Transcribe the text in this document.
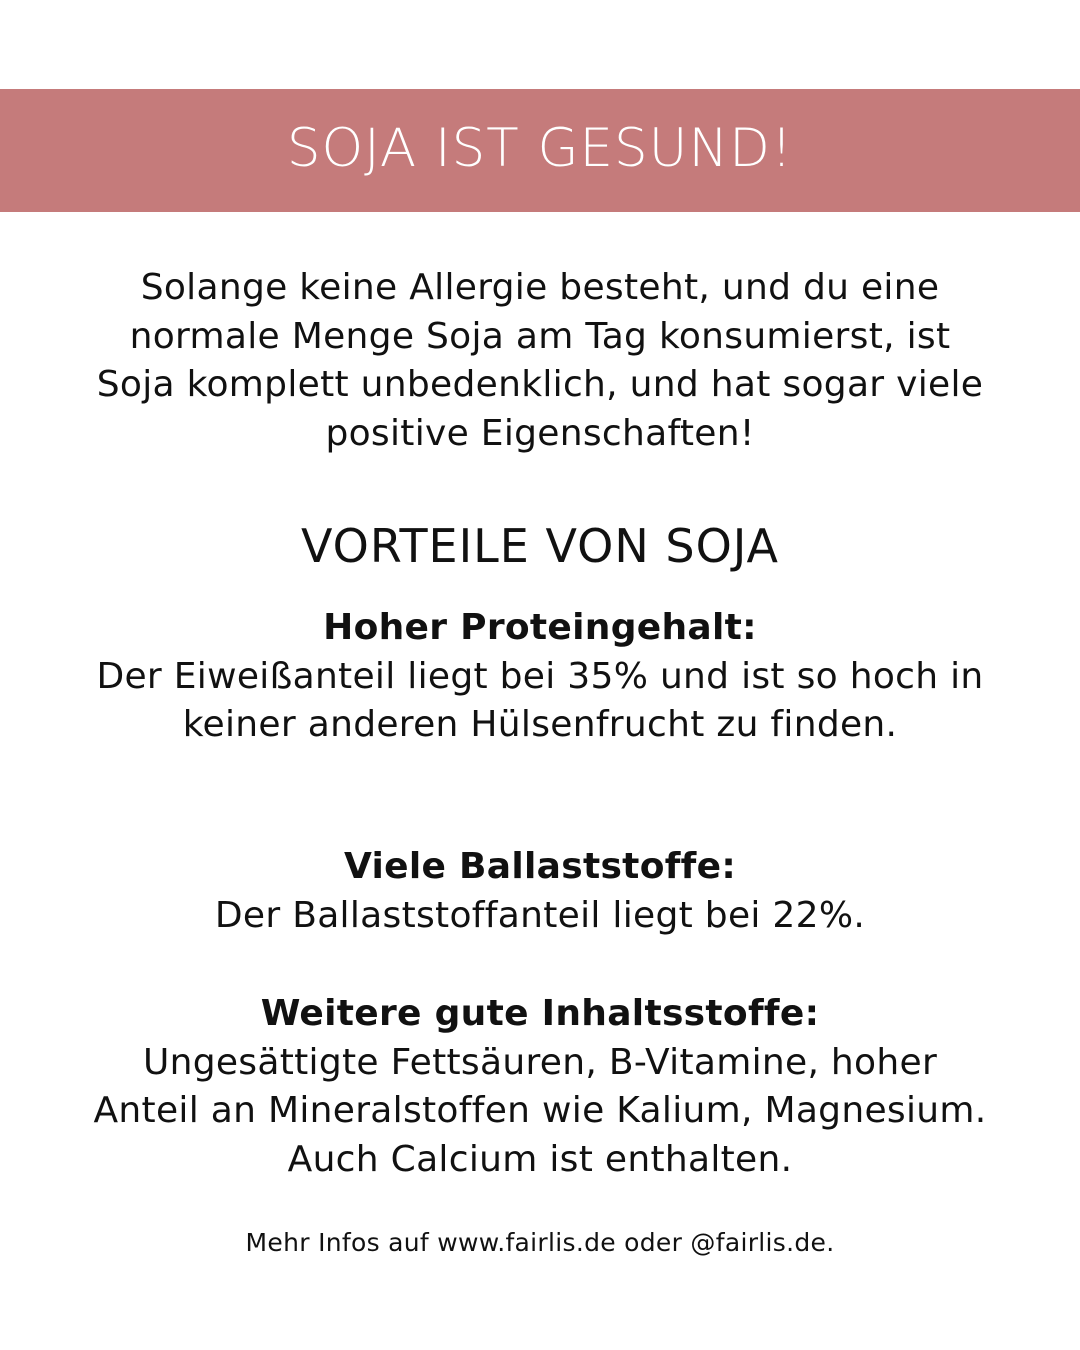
SOJA IST GESUND!
Solange keine Allergie besteht, und du eine normale Menge Soja am Tag konsumierst, ist Soja komplett unbedenklich, und hat sogar viele positive Eigenschaften!
VORTEILE VON SOJA
Hoher Proteingehalt:
Der Eiweißanteil liegt bei 35% und ist so hoch in keiner anderen Hülsenfrucht zu finden.
Viele Ballaststoffe:
Der Ballaststoffanteil liegt bei 22%.
Weitere gute Inhaltsstoffe:
Ungesättigte Fettsäuren, B-Vitamine, hoher Anteil an Mineralstoffen wie Kalium, Magnesium. Auch Calcium ist enthalten.
Mehr Infos auf www.fairlis.de oder @fairlis.de.
